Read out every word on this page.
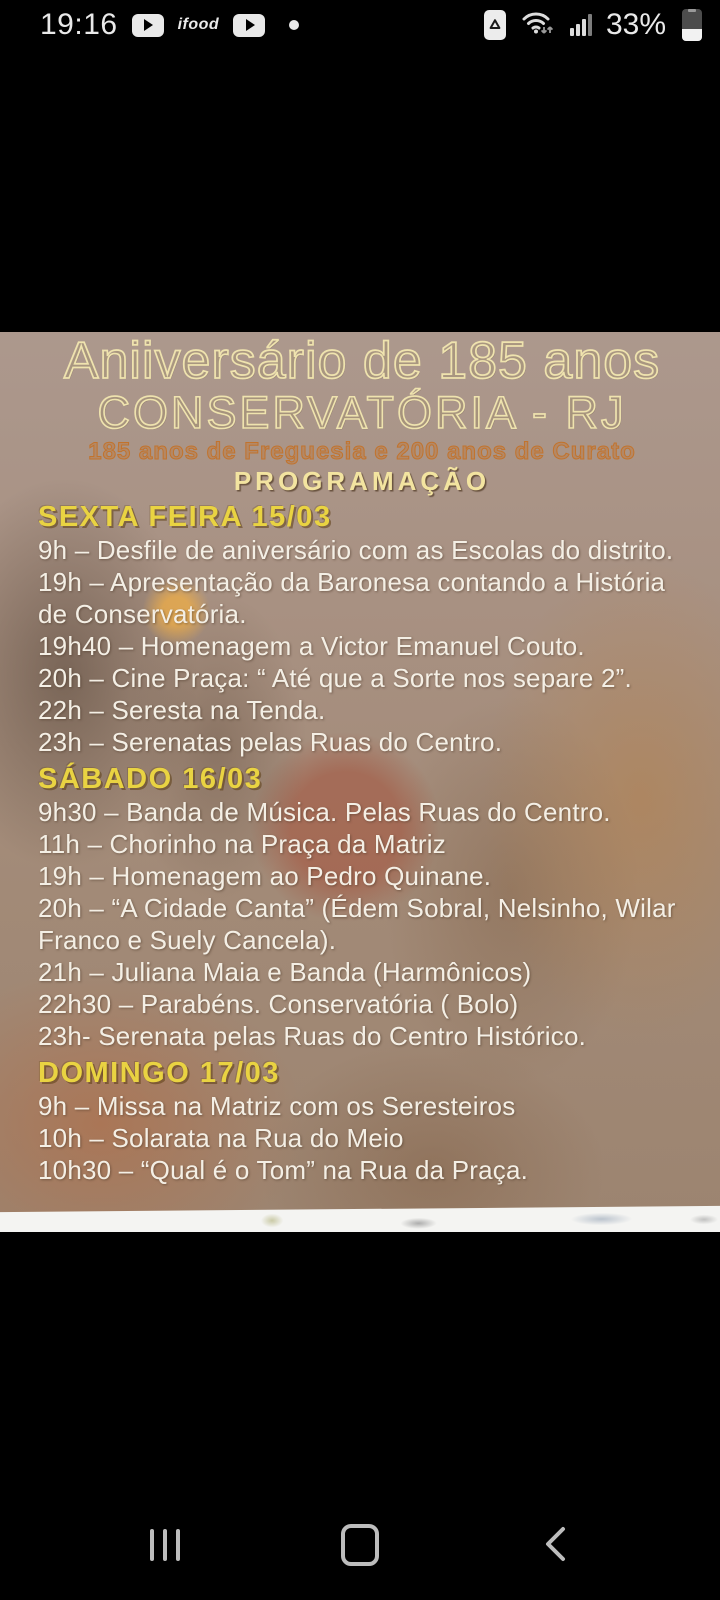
19:16	ifood	33%
Aniiversário de 185 anos
CONSERVATÓRIA - RJ
185 anos de Freguesia e 200 anos de Curato
PROGRAMAÇÃO
SEXTA FEIRA 15/03
9h – Desfile de aniversário com as Escolas do distrito.
19h – Apresentação da Baronesa contando a História de Conservatória.
19h40 – Homenagem a Victor Emanuel Couto.
20h – Cine Praça: “ Até que a Sorte nos separe 2”.
22h – Seresta na Tenda.
23h – Serenatas pelas Ruas do Centro.
SÁBADO 16/03
9h30 – Banda de Música. Pelas Ruas do Centro.
11h – Chorinho na Praça da Matriz
19h – Homenagem ao Pedro Quinane.
20h – “A Cidade Canta” (Édem Sobral, Nelsinho, Wilar Franco e Suely Cancela).
21h – Juliana Maia e Banda (Harmônicos)
22h30 – Parabéns. Conservatória ( Bolo)
23h- Serenata pelas Ruas do Centro Histórico.
DOMINGO 17/03
9h – Missa na Matriz com os Seresteiros
10h – Solarata na Rua do Meio
10h30 – “Qual é o Tom” na Rua da Praça.
